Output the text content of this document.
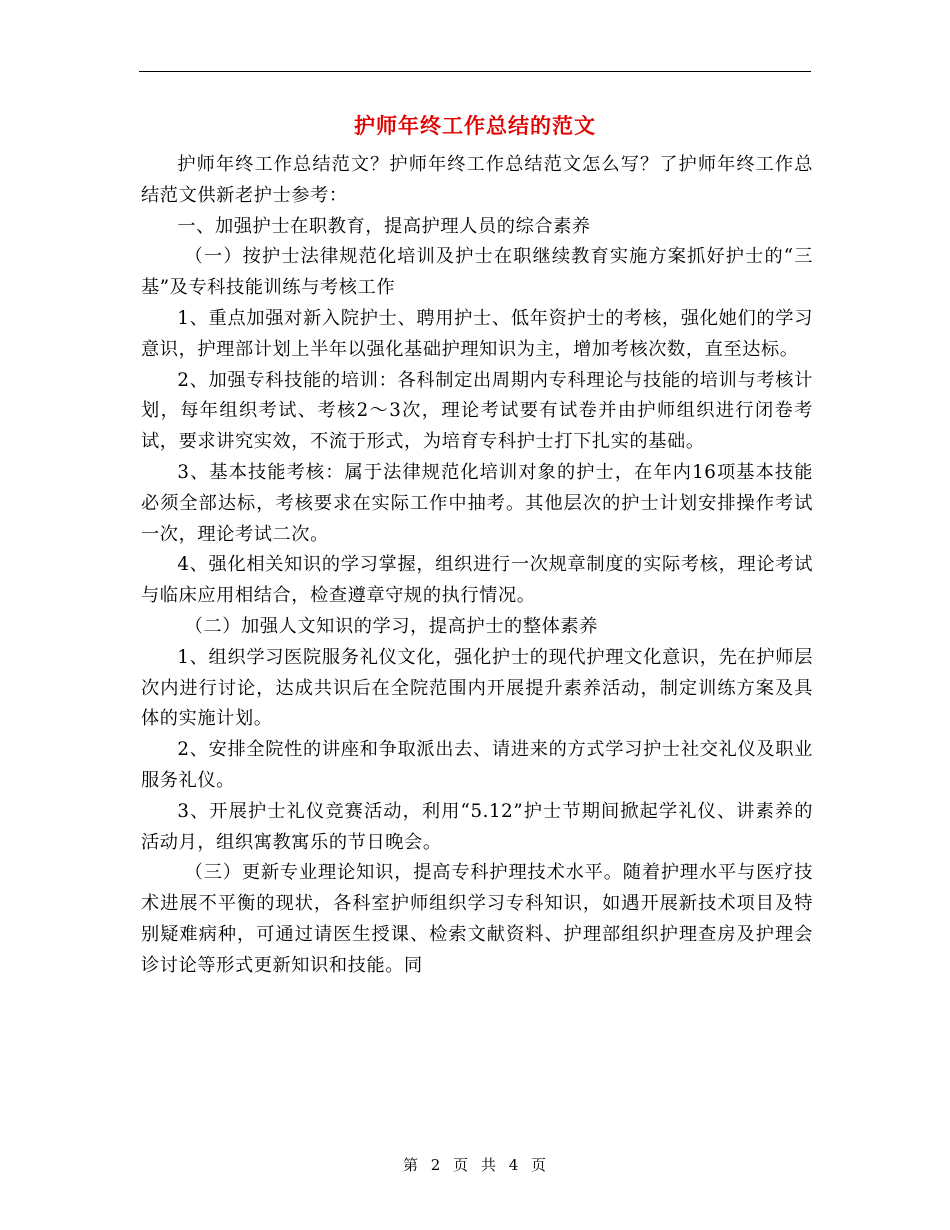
护师年终工作总结的范文

护师年终工作总结范文？护师年终工作总结范文怎么写？了护师年终工作总结范文供新老护士参考：

一、加强护士在职教育，提高护理人员的综合素养

（一）按护士法律规范化培训及护士在职继续教育实施方案抓好护士的“三基”及专科技能训练与考核工作

1、重点加强对新入院护士、聘用护士、低年资护士的考核，强化她们的学习意识，护理部计划上半年以强化基础护理知识为主，增加考核次数，直至达标。

2、加强专科技能的培训：各科制定出周期内专科理论与技能的培训与考核计划，每年组织考试、考核2～3次，理论考试要有试卷并由护师组织进行闭卷考试，要求讲究实效，不流于形式，为培育专科护士打下扎实的基础。

3、基本技能考核：属于法律规范化培训对象的护士，在年内16项基本技能必须全部达标，考核要求在实际工作中抽考。其他层次的护士计划安排操作考试一次，理论考试二次。

4、强化相关知识的学习掌握，组织进行一次规章制度的实际考核，理论考试与临床应用相结合，检查遵章守规的执行情况。

（二）加强人文知识的学习，提高护士的整体素养

1、组织学习医院服务礼仪文化，强化护士的现代护理文化意识，先在护师层次内进行讨论，达成共识后在全院范围内开展提升素养活动，制定训练方案及具体的实施计划。

2、安排全院性的讲座和争取派出去、请进来的方式学习护士社交礼仪及职业服务礼仪。

3、开展护士礼仪竞赛活动，利用“5.12”护士节期间掀起学礼仪、讲素养的活动月，组织寓教寓乐的节日晚会。

（三）更新专业理论知识，提高专科护理技术水平。随着护理水平与医疗技术进展不平衡的现状，各科室护师组织学习专科知识，如遇开展新技术项目及特别疑难病种，可通过请医生授课、检索文献资料、护理部组织护理查房及护理会诊讨论等形式更新知识和技能。同

第 2 页 共 4 页
